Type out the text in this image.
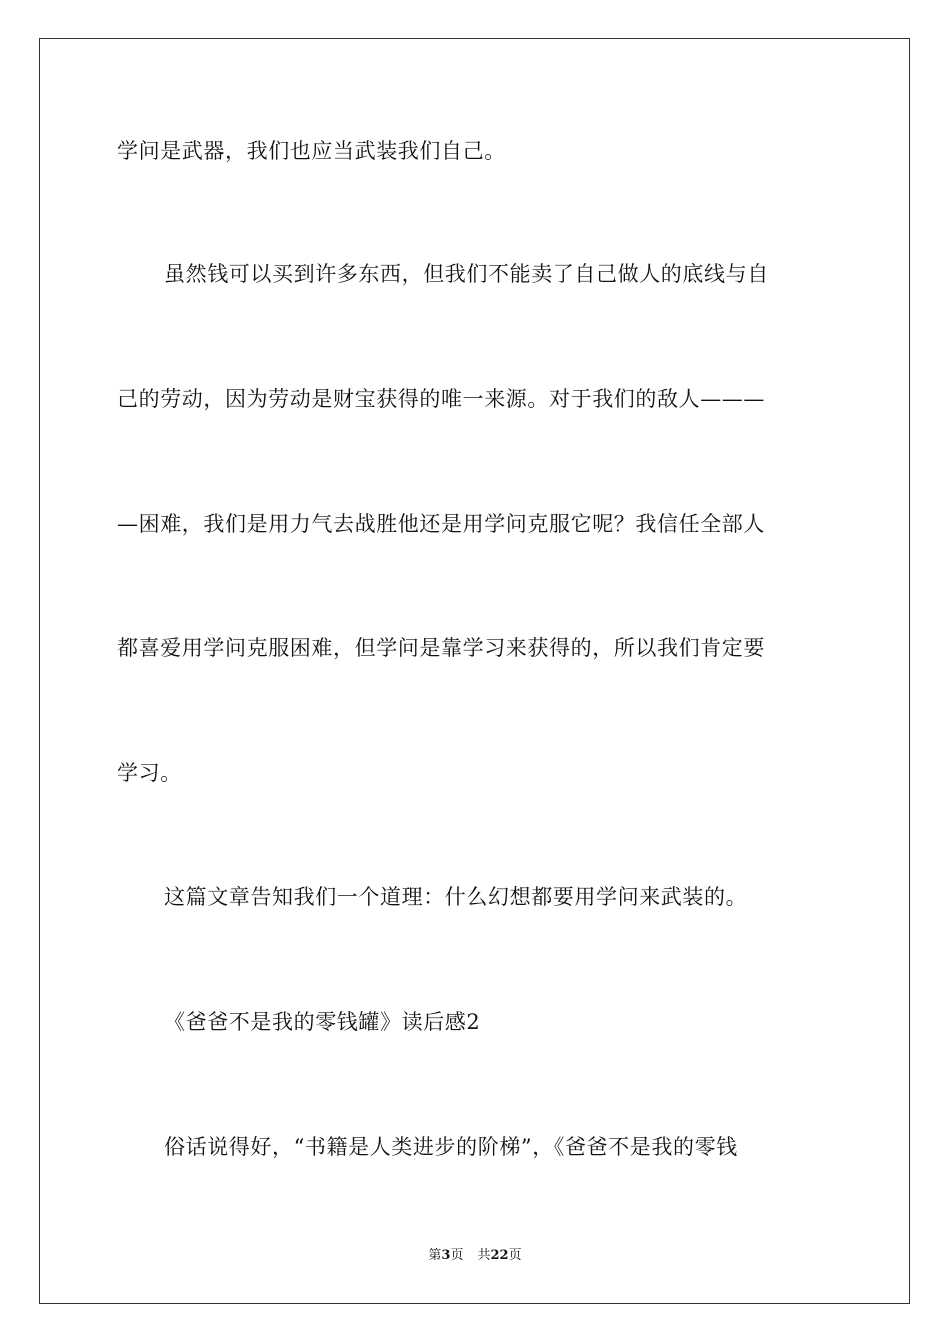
学问是武器，我们也应当武装我们自己。
虽然钱可以买到许多东西，但我们不能卖了自己做人的底线与自
己的劳动，因为劳动是财宝获得的唯一来源。对于我们的敌人———
—困难，我们是用力气去战胜他还是用学问克服它呢？我信任全部人
都喜爱用学问克服困难，但学问是靠学习来获得的，所以我们肯定要
学习。
这篇文章告知我们一个道理：什么幻想都要用学问来武装的。
《爸爸不是我的零钱罐》读后感2
俗话说得好，“书籍是人类进步的阶梯”，《爸爸不是我的零钱
第3页 共22页
